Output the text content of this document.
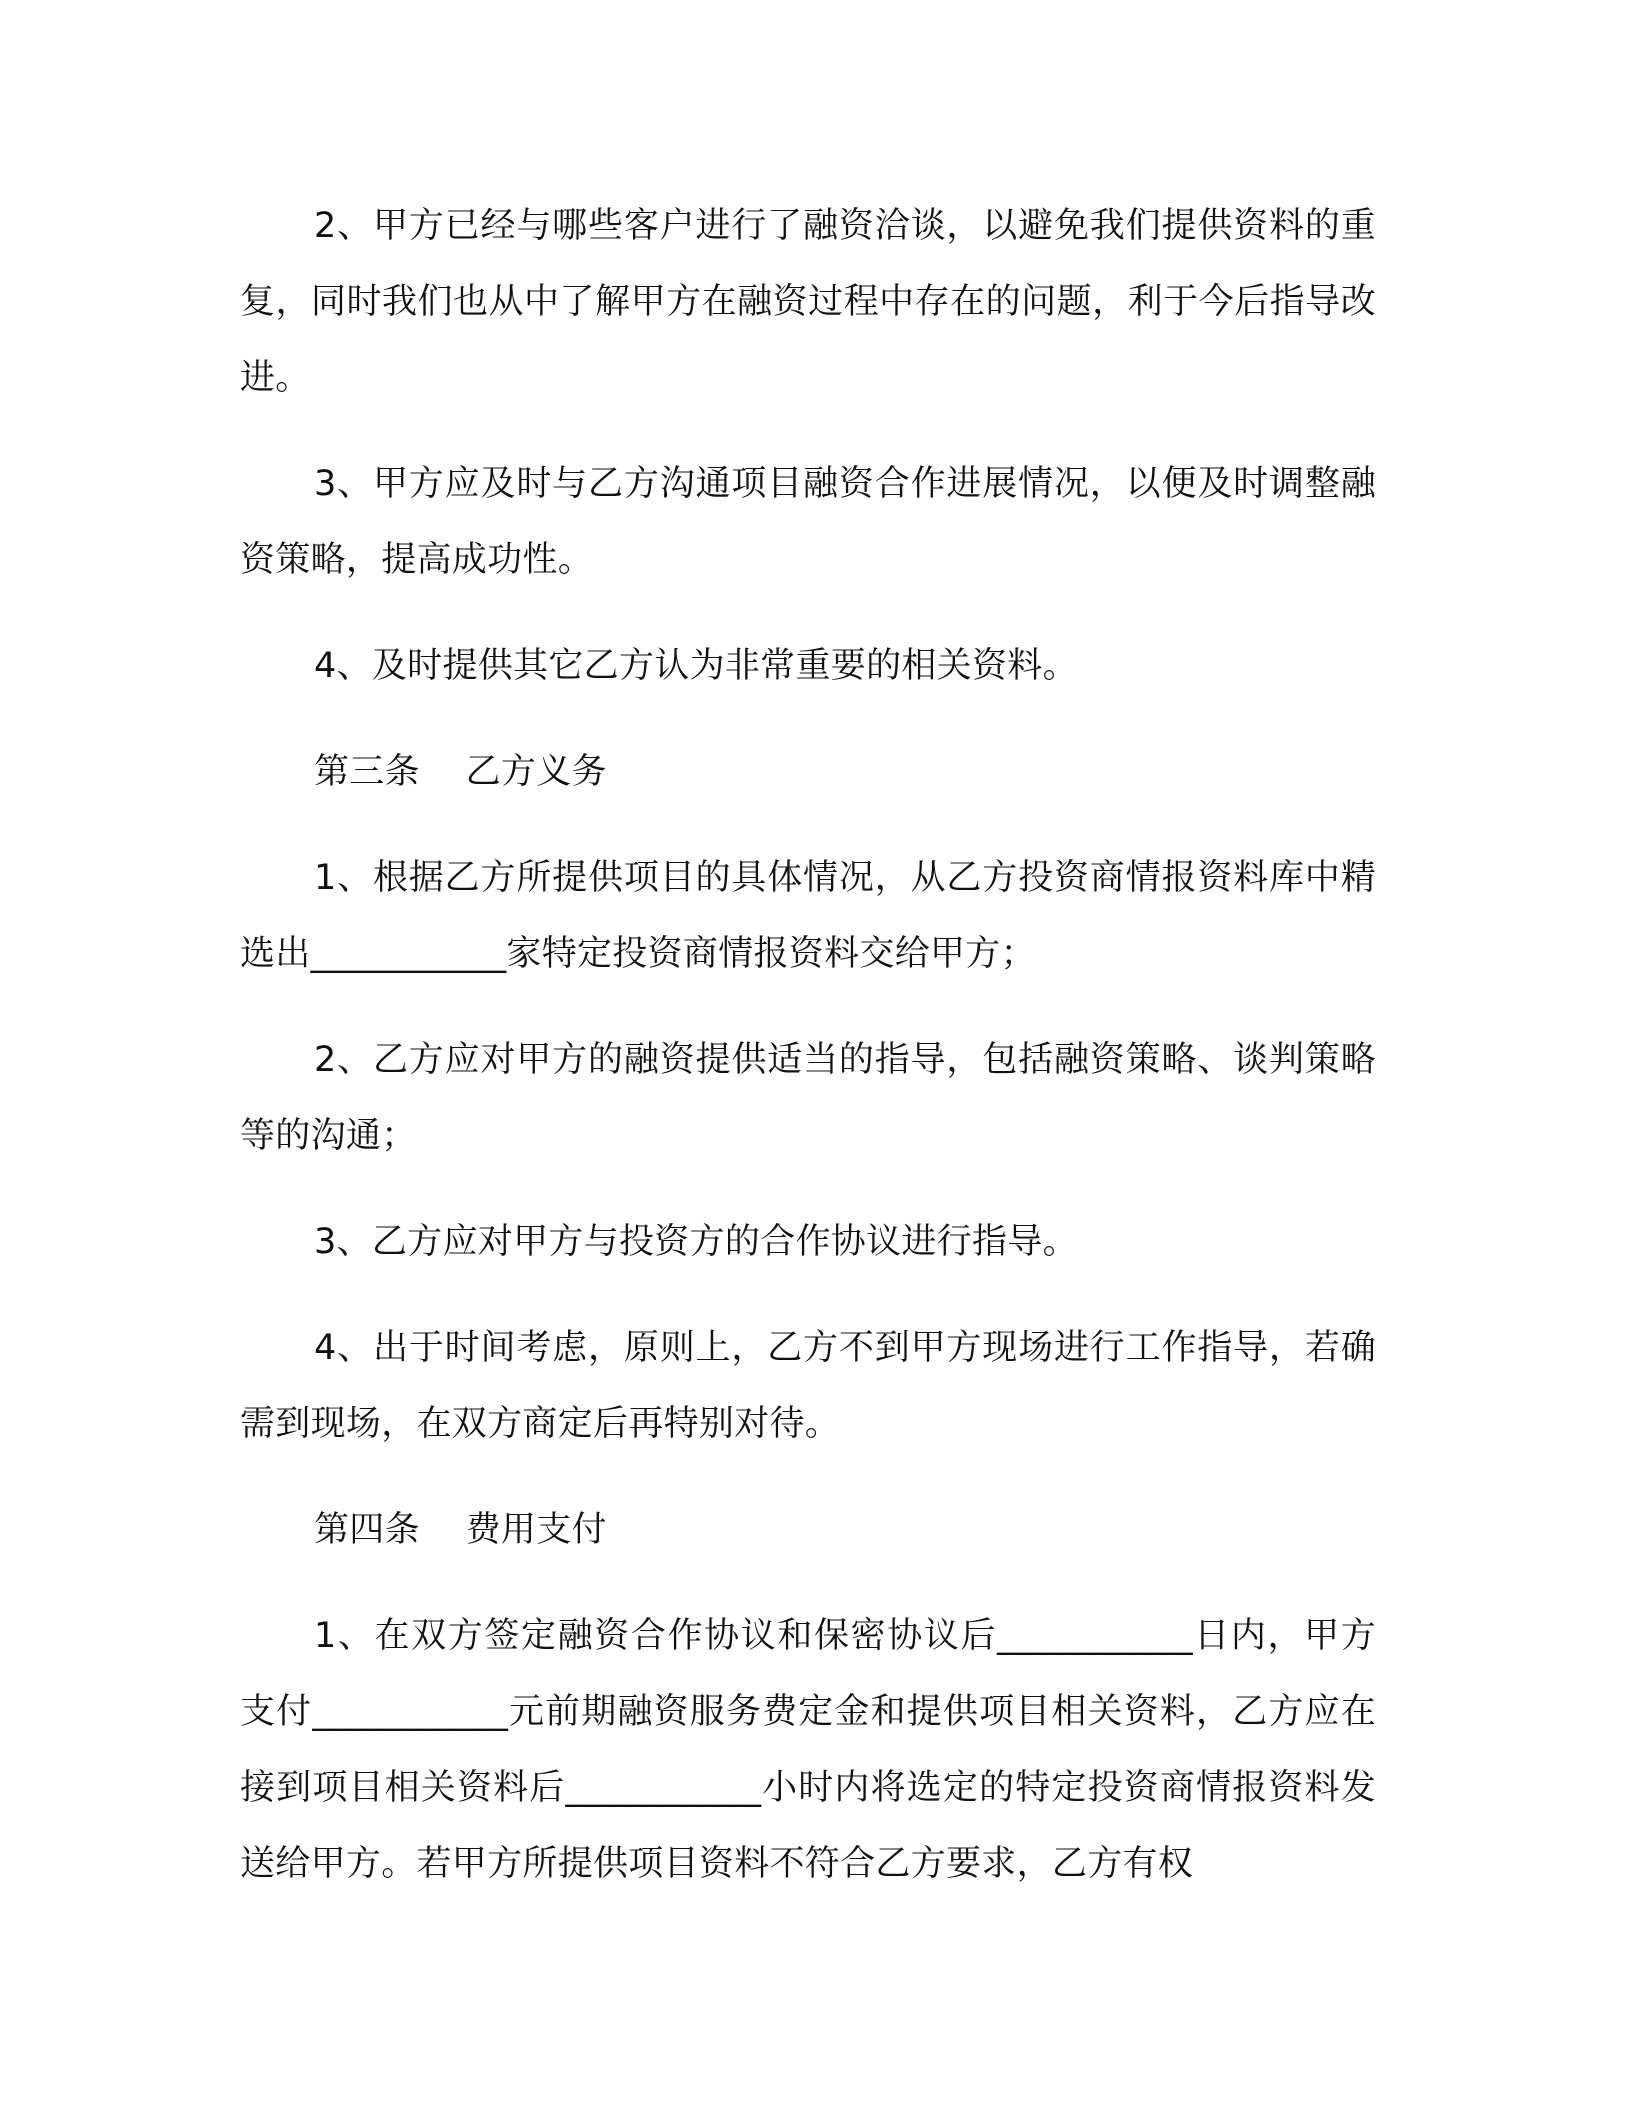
2、甲方已经与哪些客户进行了融资洽谈，以避免我们提供资料的重复，同时我们也从中了解甲方在融资过程中存在的问题，利于今后指导改进。

3、甲方应及时与乙方沟通项目融资合作进展情况，以便及时调整融资策略，提高成功性。

4、及时提供其它乙方认为非常重要的相关资料。

第三条    乙方义务

1、根据乙方所提供项目的具体情况，从乙方投资商情报资料库中精选出___________家特定投资商情报资料交给甲方；

2、乙方应对甲方的融资提供适当的指导，包括融资策略、谈判策略等的沟通；

3、乙方应对甲方与投资方的合作协议进行指导。

4、出于时间考虑，原则上，乙方不到甲方现场进行工作指导，若确需到现场，在双方商定后再特别对待。

第四条    费用支付

1、在双方签定融资合作协议和保密协议后___________日内，甲方支付___________元前期融资服务费定金和提供项目相关资料，乙方应在接到项目相关资料后___________小时内将选定的特定投资商情报资料发送给甲方。若甲方所提供项目资料不符合乙方要求，乙方有权
